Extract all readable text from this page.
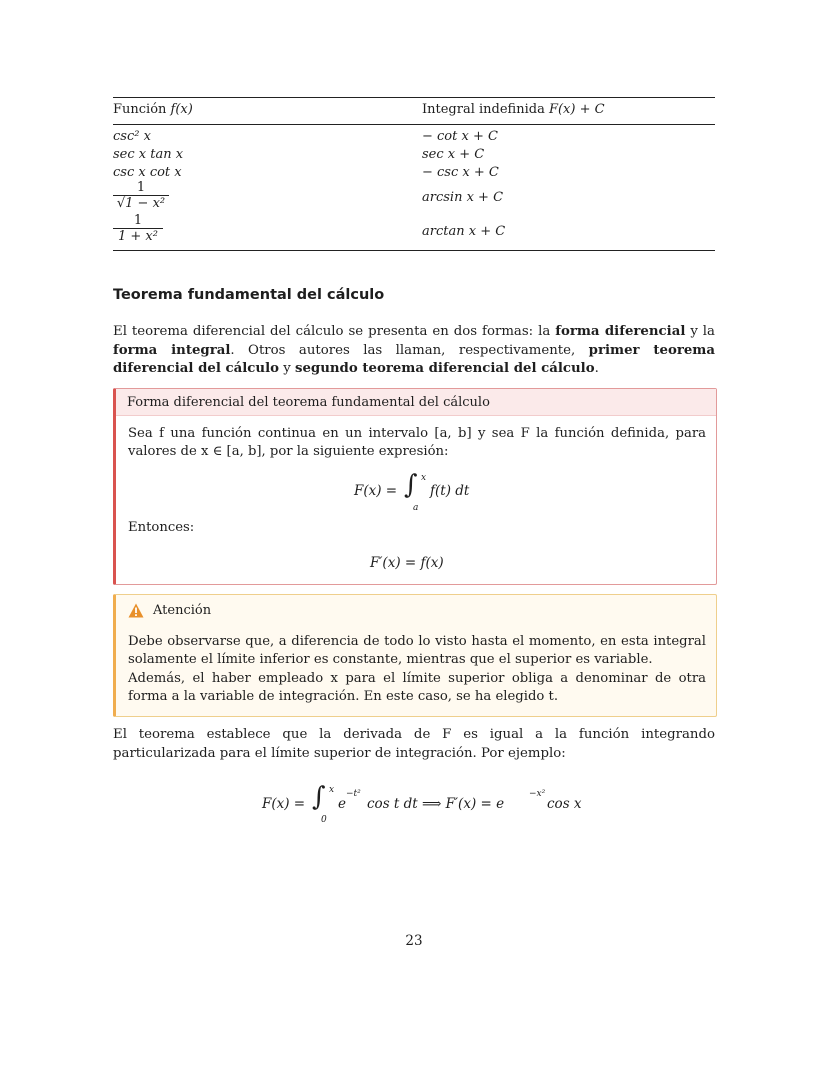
Función f(x)	Integral indefinida F(x) + C
csc² x	− cot x + C
sec x tan x	sec x + C
csc x cot x	− csc x + C
1
√1 − x²	arcsin x + C
1
1 + x²	arctan x + C
Teorema fundamental del cálculo

El teorema diferencial del cálculo se presenta en dos formas: la forma diferencial y la forma integral. Otros autores las llaman, respectivamente, primer teorema diferencial del cálculo y segundo teorema diferencial del cálculo.

Forma diferencial del teorema fundamental del cálculo

Sea f una función continua en un intervalo [a, b] y sea F la función definida, para valores de x ∈ [a, b], por la siguiente expresión:

F(x) = ∫ x
a
f(t) dt

Entonces:

F′(x) = f(x)
Atención

Debe observarse que, a diferencia de todo lo visto hasta el momento, en esta integral solamente el límite inferior es constante, mientras que el superior es variable.

Además, el haber empleado x para el límite superior obliga a denominar de otra forma a la variable de integración. En este caso, se ha elegido t.

El teorema establece que la derivada de F es igual a la función integrando particularizada para el límite superior de integración. Por ejemplo:

F(x) = ∫ x
0
e
−t²
cos t dt ⟹ F′(x) = e
−x²
cos x
23
